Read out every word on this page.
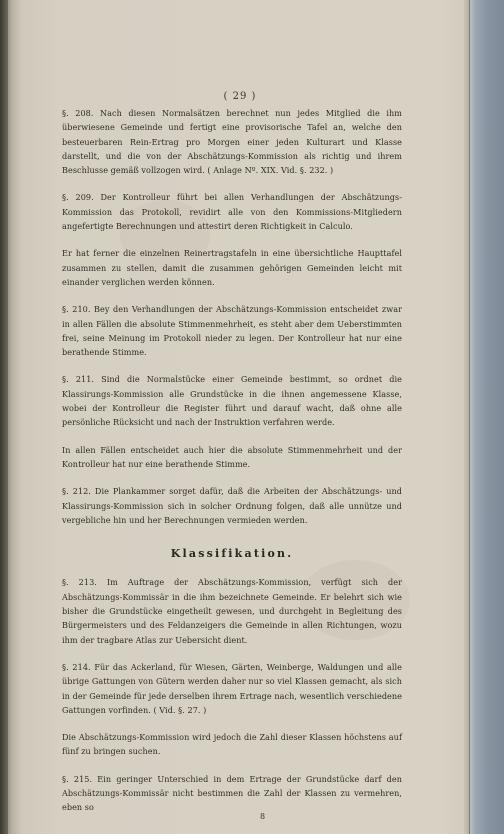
( 29 )

§. 208. Nach diesen Normalsätzen berechnet nun jedes Mitglied die ihm überwiesene Gemeinde und fertigt eine provisorische Tafel an, welche den besteuerbaren Rein-Ertrag pro Morgen einer jeden Kulturart und Klasse darstellt, und die von der Abschätzungs-Kommission als richtig und ihrem Beschlusse gemäß vollzogen wird. ( Anlage Nº. XIX. Vid. §. 232. )

§. 209. Der Kontrolleur führt bei allen Verhandlungen der Abschätzungs-Kommission das Protokoll, revidirt alle von den Kommissions-Mitgliedern angefertigte Berechnungen und attestirt deren Richtigkeit in Calculo.

Er hat ferner die einzelnen Reinertragstafeln in eine übersichtliche Haupttafel zusammen zu stellen, damit die zusammen gehörigen Gemeinden leicht mit einander verglichen werden können.

§. 210. Bey den Verhandlungen der Abschätzungs-Kommission entscheidet zwar in allen Fällen die absolute Stimmenmehrheit, es steht aber dem Ueberstimmten frei, seine Meinung im Protokoll nieder zu legen. Der Kontrolleur hat nur eine berathende Stimme.

§. 211. Sind die Normalstücke einer Gemeinde bestimmt, so ordnet die Klassirungs-Kommission alle Grundstücke in die ihnen angemessene Klasse, wobei der Kontrolleur die Register führt und darauf wacht, daß ohne alle persönliche Rücksicht und nach der Instruktion verfahren werde.

In allen Fällen entscheidet auch hier die absolute Stimmenmehrheit und der Kontrolleur hat nur eine berathende Stimme.

§. 212. Die Plankammer sorget dafür, daß die Arbeiten der Abschätzungs- und Klassirungs-Kommission sich in solcher Ordnung folgen, daß alle unnütze und vergebliche hin und her Berechnungen vermieden werden.

Klassifikation.

§. 213. Im Auftrage der Abschätzungs-Kommission, verfügt sich der Abschätzungs-Kommissär in die ihm bezeichnete Gemeinde. Er belehrt sich wie bisher die Grundstücke eingetheilt gewesen, und durchgeht in Begleitung des Bürgermeisters und des Feldanzeigers die Gemeinde in allen Richtungen, wozu ihm der tragbare Atlas zur Uebersicht dient.

§. 214. Für das Ackerland, für Wiesen, Gärten, Weinberge, Waldungen und alle übrige Gattungen von Gütern werden daher nur so viel Klassen gemacht, als sich in der Gemeinde für jede derselben ihrem Ertrage nach, wesentlich verschiedene Gattungen vorfinden. ( Vid. §. 27. )

Die Abschätzungs-Kommission wird jedoch die Zahl dieser Klassen höchstens auf fünf zu bringen suchen.

§. 215. Ein geringer Unterschied in dem Ertrage der Grundstücke darf den Abschätzungs-Kommissär nicht bestimmen die Zahl der Klassen zu vermehren, eben so

8
